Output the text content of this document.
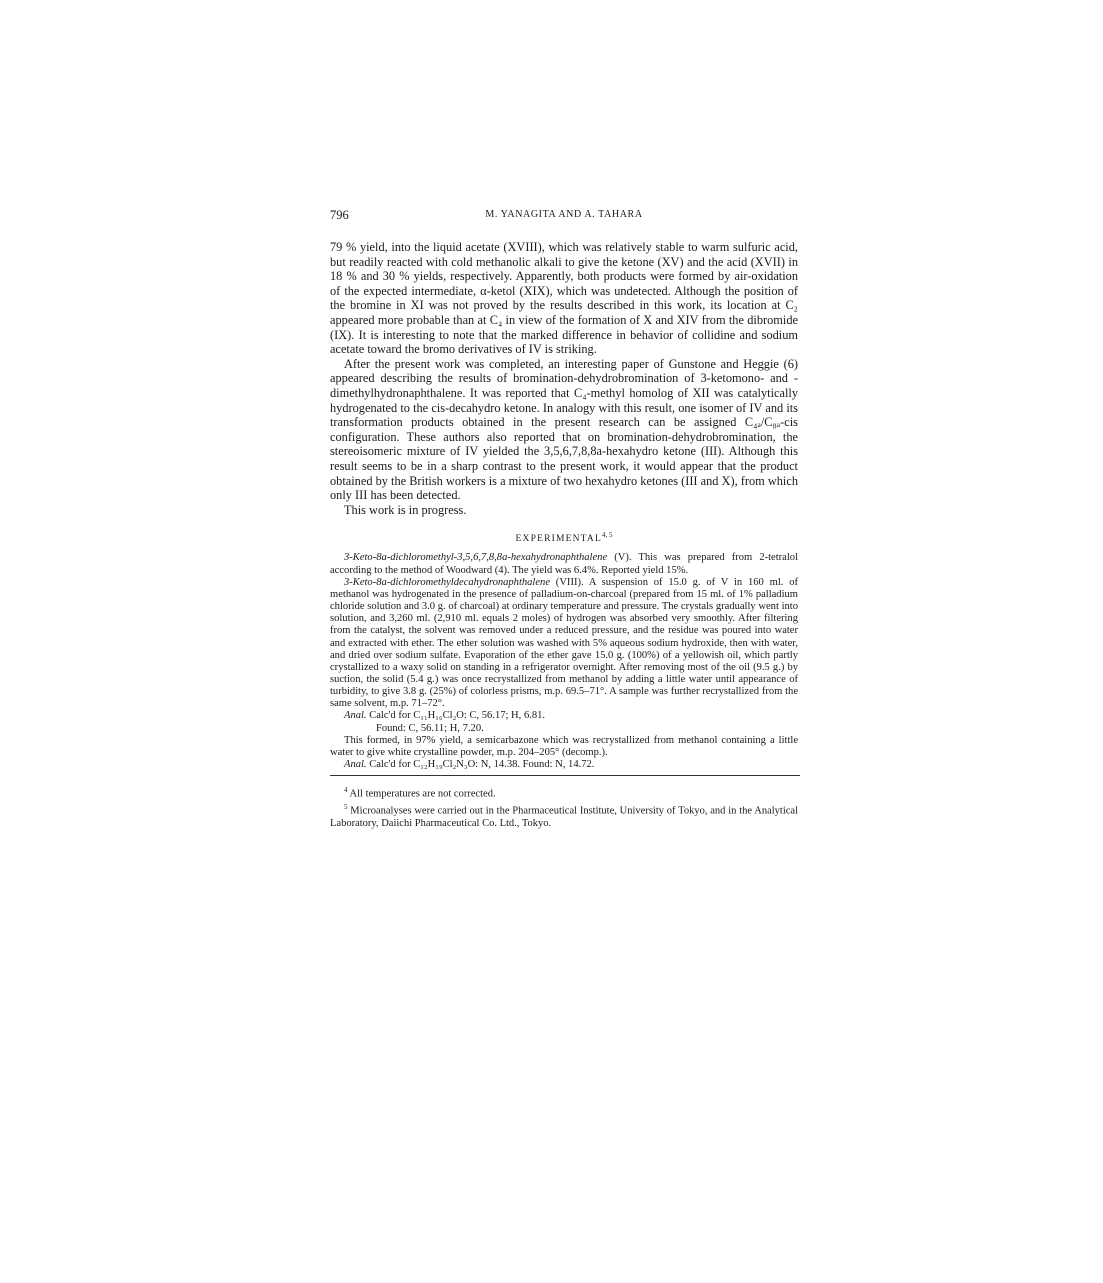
796	M. YANAGITA AND A. TAHARA

79 % yield, into the liquid acetate (XVIII), which was relatively stable to warm sulfuric acid, but readily reacted with cold methanolic alkali to give the ketone (XV) and the acid (XVII) in 18 % and 30 % yields, respectively. Apparently, both products were formed by air-oxidation of the expected intermediate, α-ketol (XIX), which was undetected. Although the position of the bromine in XI was not proved by the results described in this work, its location at C₂ appeared more probable than at C₄ in view of the formation of X and XIV from the dibromide (IX). It is interesting to note that the marked difference in behavior of collidine and sodium acetate toward the bromo derivatives of IV is striking.

After the present work was completed, an interesting paper of Gunstone and Heggie (6) appeared describing the results of bromination-dehydrobromination of 3-ketomono- and -dimethylhydronaphthalene. It was reported that C₄-methyl homolog of XII was catalytically hydrogenated to the cis-decahydro ketone. In analogy with this result, one isomer of IV and its transformation products obtained in the present research can be assigned C₄ₐ/C₈ₐ-cis configuration. These authors also reported that on bromination-dehydrobromination, the stereoisomeric mixture of IV yielded the 3,5,6,7,8,8a-hexahydro ketone (III). Although this result seems to be in a sharp contrast to the present work, it would appear that the product obtained by the British workers is a mixture of two hexahydro ketones (III and X), from which only III has been detected.

This work is in progress.

EXPERIMENTAL$^{4, 5}$

3-Keto-8a-dichloromethyl-3,5,6,7,8,8a-hexahydronaphthalene (V). This was prepared from 2-tetralol according to the method of Woodward (4). The yield was 6.4%. Reported yield 15%.

3-Keto-8a-dichloromethyldecahydronaphthalene (VIII). A suspension of 15.0 g. of V in 160 ml. of methanol was hydrogenated in the presence of palladium-on-charcoal (prepared from 15 ml. of 1% palladium chloride solution and 3.0 g. of charcoal) at ordinary temperature and pressure. The crystals gradually went into solution, and 3,260 ml. (2,910 ml. equals 2 moles) of hydrogen was absorbed very smoothly. After filtering from the catalyst, the solvent was removed under a reduced pressure, and the residue was poured into water and extracted with ether. The ether solution was washed with 5% aqueous sodium hydroxide, then with water, and dried over sodium sulfate. Evaporation of the ether gave 15.0 g. (100%) of a yellowish oil, which partly crystallized to a waxy solid on standing in a refrigerator overnight. After removing most of the oil (9.5 g.) by suction, the solid (5.4 g.) was once recrystallized from methanol by adding a little water until appearance of turbidity, to give 3.8 g. (25%) of colorless prisms, m.p. 69.5–71°. A sample was further recrystallized from the same solvent, m.p. 71–72°.

Anal. Calc'd for C₁₁H₁₆Cl₂O: C, 56.17; H, 6.81.

Found: C, 56.11; H, 7.20.

This formed, in 97% yield, a semicarbazone which was recrystallized from methanol containing a little water to give white crystalline powder, m.p. 204–205° (decomp.).

Anal. Calc'd for C₁₂H₁₉Cl₂N₃O: N, 14.38. Found: N, 14.72.

$^4$ All temperatures are not corrected.

$^5$ Microanalyses were carried out in the Pharmaceutical Institute, University of Tokyo, and in the Analytical Laboratory, Daiichi Pharmaceutical Co. Ltd., Tokyo.
